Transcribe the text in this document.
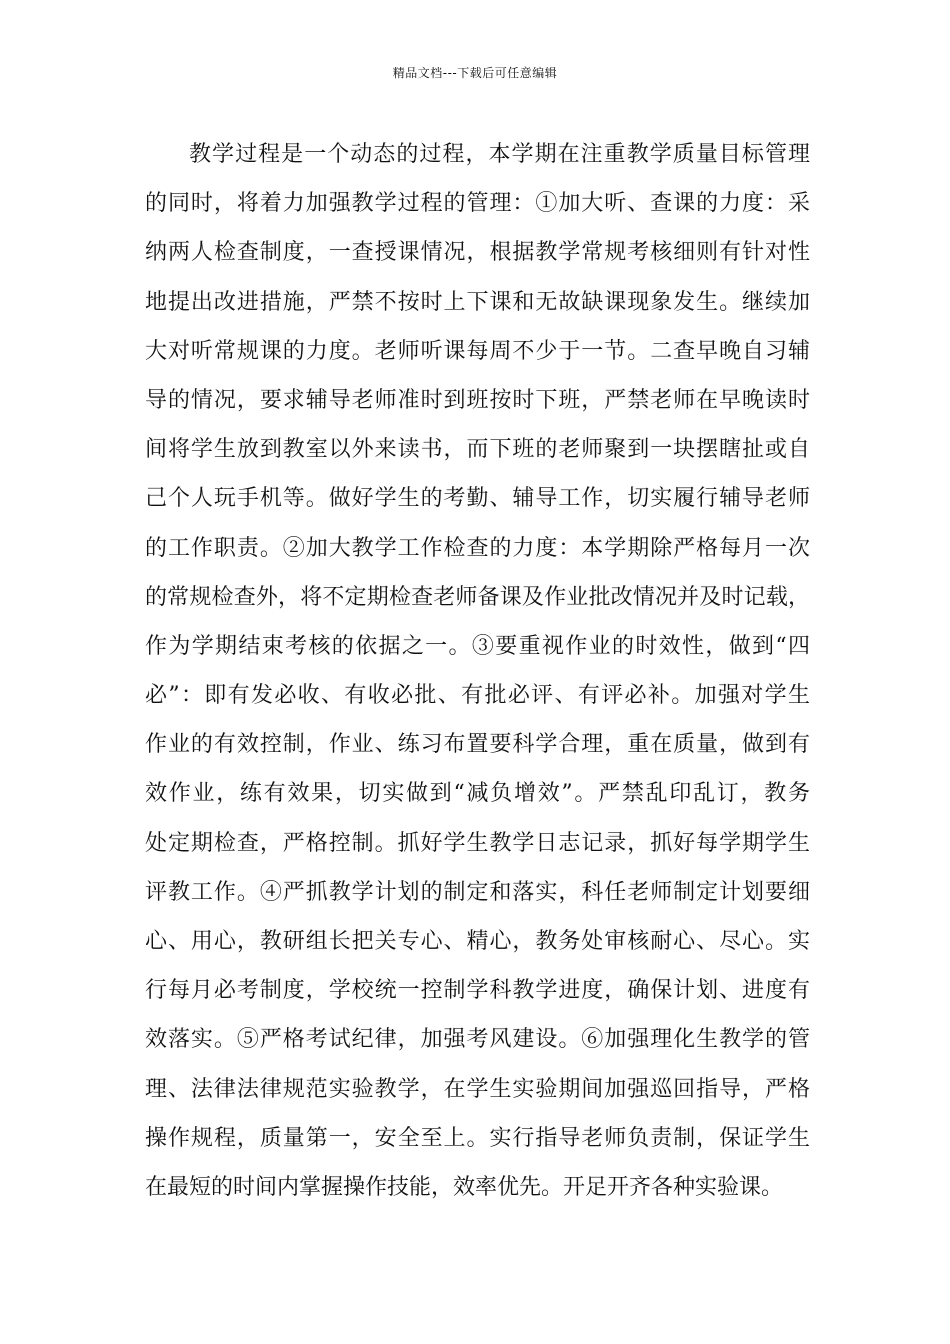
精品文档---下载后可任意编辑
教学过程是一个动态的过程，本学期在注重教学质量目标管理
的同时，将着力加强教学过程的管理：①加大听、查课的力度：采
纳两人检查制度，一查授课情况，根据教学常规考核细则有针对性
地提出改进措施，严禁不按时上下课和无故缺课现象发生。继续加
大对听常规课的力度。老师听课每周不少于一节。二查早晚自习辅
导的情况，要求辅导老师准时到班按时下班，严禁老师在早晚读时
间将学生放到教室以外来读书，而下班的老师聚到一块摆瞎扯或自
己个人玩手机等。做好学生的考勤、辅导工作，切实履行辅导老师
的工作职责。②加大教学工作检查的力度：本学期除严格每月一次
的常规检查外，将不定期检查老师备课及作业批改情况并及时记载，
作为学期结束考核的依据之一。③要重视作业的时效性，做到“四
必”：即有发必收、有收必批、有批必评、有评必补。加强对学生
作业的有效控制，作业、练习布置要科学合理，重在质量，做到有
效作业，练有效果，切实做到“减负增效”。严禁乱印乱订，教务
处定期检查，严格控制。抓好学生教学日志记录，抓好每学期学生
评教工作。④严抓教学计划的制定和落实，科任老师制定计划要细
心、用心，教研组长把关专心、精心，教务处审核耐心、尽心。实
行每月必考制度，学校统一控制学科教学进度，确保计划、进度有
效落实。⑤严格考试纪律，加强考风建设。⑥加强理化生教学的管
理、法律法律规范实验教学，在学生实验期间加强巡回指导，严格
操作规程，质量第一，安全至上。实行指导老师负责制，保证学生
在最短的时间内掌握操作技能，效率优先。开足开齐各种实验课。
